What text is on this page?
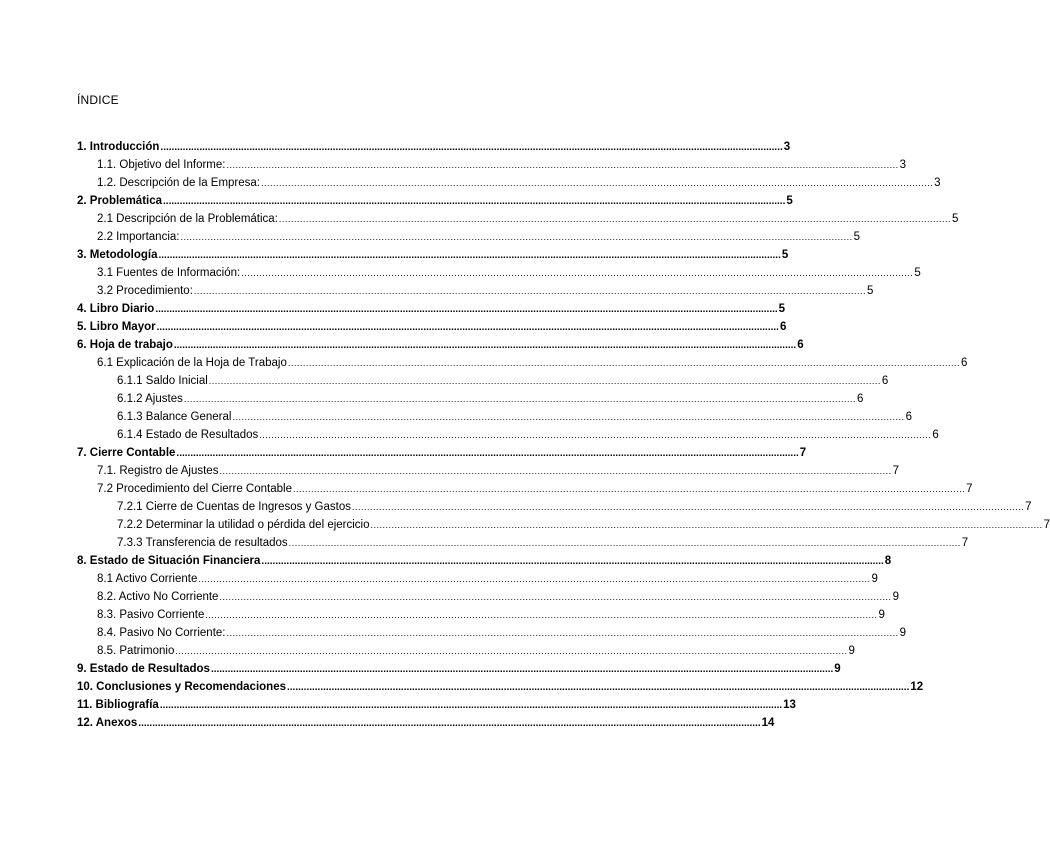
ÍNDICE
1. Introducción ................................................................................................................................................................................................................................ 3
1.1. Objetivo del Informe: ................................................................................................................................................................................................................................ 3
1.2. Descripción de la Empresa: ................................................................................................................................................................................................................................ 3
2. Problemática ................................................................................................................................................................................................................................ 5
2.1 Descripción de la Problemática: ................................................................................................................................................................................................................................ 5
2.2 Importancia: ................................................................................................................................................................................................................................ 5
3. Metodología ................................................................................................................................................................................................................................ 5
3.1 Fuentes de Información: ................................................................................................................................................................................................................................ 5
3.2 Procedimiento: ................................................................................................................................................................................................................................ 5
4. Libro Diario ................................................................................................................................................................................................................................ 5
5. Libro Mayor ................................................................................................................................................................................................................................ 6
6. Hoja de trabajo ................................................................................................................................................................................................................................ 6
6.1 Explicación de la Hoja de Trabajo ................................................................................................................................................................................................................................ 6
6.1.1 Saldo Inicial ................................................................................................................................................................................................................................ 6
6.1.2 Ajustes ................................................................................................................................................................................................................................ 6
6.1.3 Balance General ................................................................................................................................................................................................................................ 6
6.1.4 Estado de Resultados ................................................................................................................................................................................................................................ 6
7. Cierre Contable ................................................................................................................................................................................................................................ 7
7.1. Registro de Ajustes ................................................................................................................................................................................................................................ 7
7.2 Procedimiento del Cierre Contable ................................................................................................................................................................................................................................ 7
7.2.1 Cierre de Cuentas de Ingresos y Gastos ................................................................................................................................................................................................................................ 7
7.2.2 Determinar la utilidad o pérdida del ejercicio ................................................................................................................................................................................................................................ 7
7.3.3 Transferencia de resultados ................................................................................................................................................................................................................................ 7
8. Estado de Situación Financiera ................................................................................................................................................................................................................................ 8
8.1 Activo Corriente ................................................................................................................................................................................................................................ 9
8.2. Activo No Corriente ................................................................................................................................................................................................................................ 9
8.3. Pasivo Corriente ................................................................................................................................................................................................................................ 9
8.4. Pasivo No Corriente: ................................................................................................................................................................................................................................ 9
8.5. Patrimonio ................................................................................................................................................................................................................................ 9
9. Estado de Resultados ................................................................................................................................................................................................................................ 9
10. Conclusiones y Recomendaciones ................................................................................................................................................................................................................................ 12
11. Bibliografía ................................................................................................................................................................................................................................ 13
12. Anexos ................................................................................................................................................................................................................................ 14
